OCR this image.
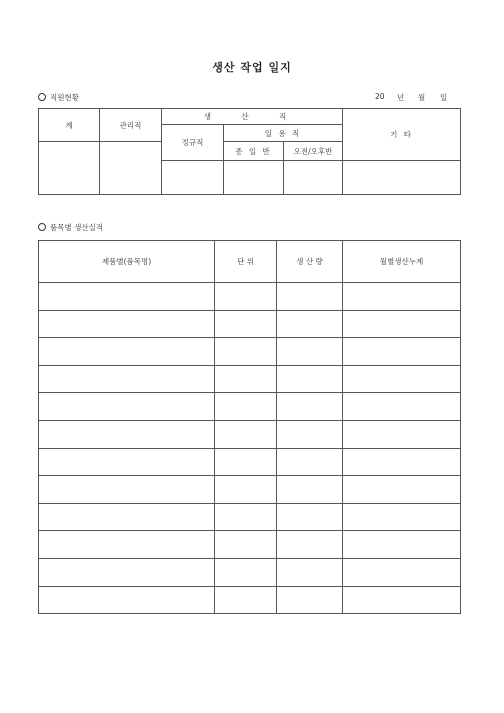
생산 작업 일지
직원현황	20 년 월 일
계	관리직	생 산 직			기 타
		정규직	일 용 직		
			종 일 반	오전/오후반	

품목별 생산실적
제품별(품목명)	단 위	생 산 량	월별생산누계
